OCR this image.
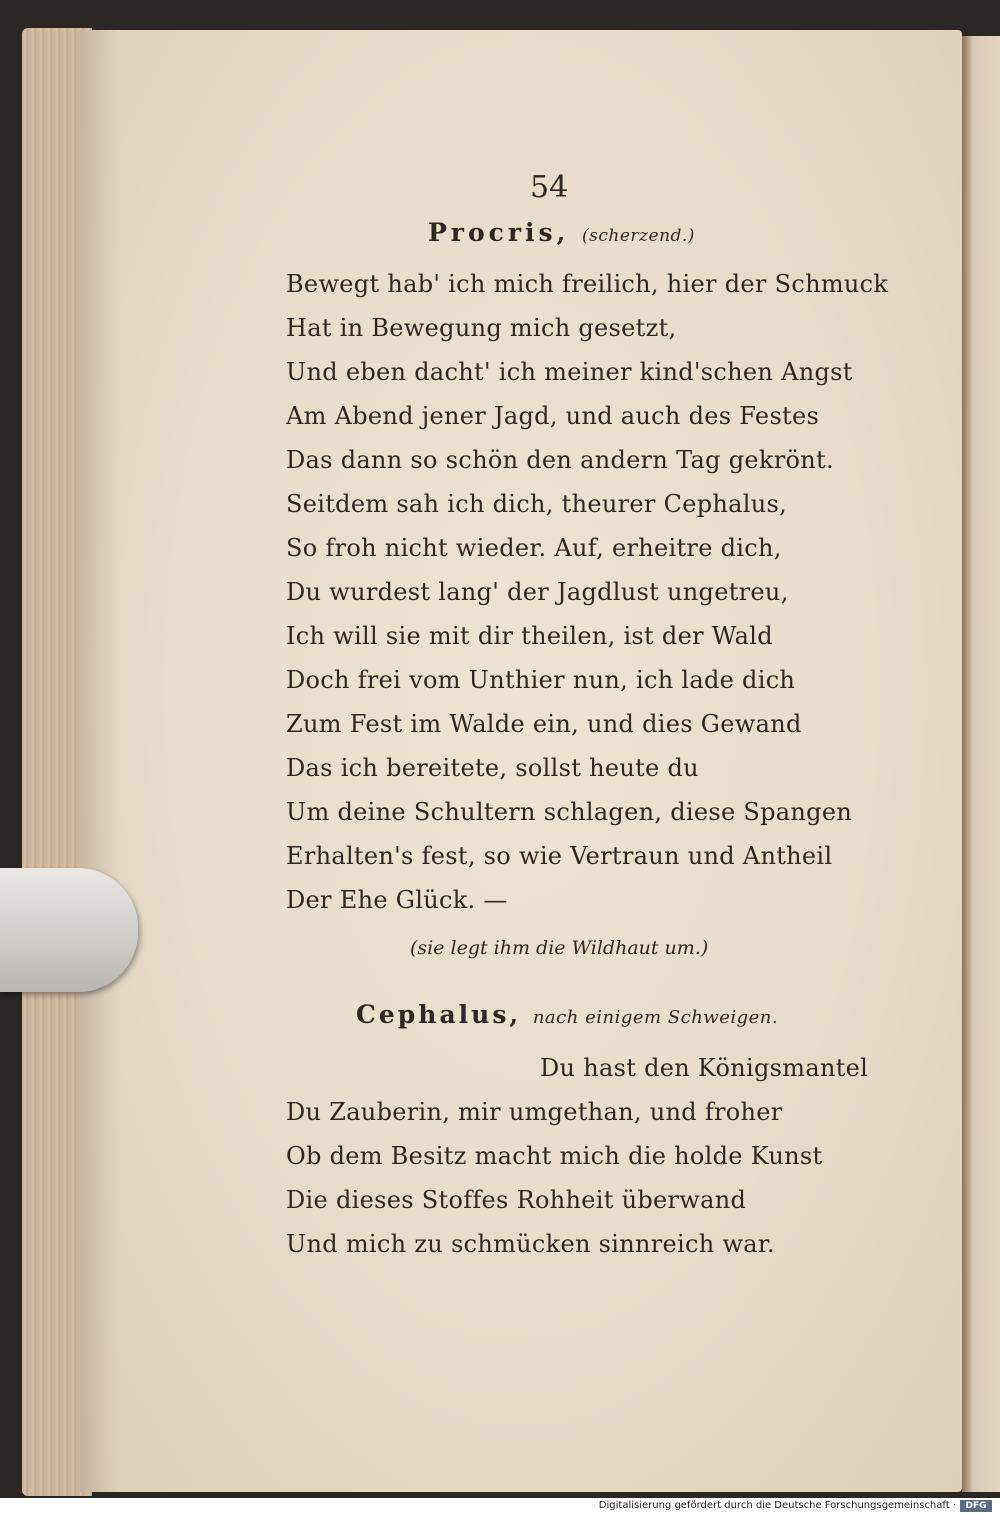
54
Procris, (scherzend.)
Bewegt hab' ich mich freilich, hier der Schmuck
Hat in Bewegung mich gesetzt,
Und eben dacht' ich meiner kind'schen Angst
Am Abend jener Jagd, und auch des Festes
Das dann so schön den andern Tag gekrönt.
Seitdem sah ich dich, theurer Cephalus,
So froh nicht wieder. Auf, erheitre dich,
Du wurdest lang' der Jagdlust ungetreu,
Ich will sie mit dir theilen, ist der Wald
Doch frei vom Unthier nun, ich lade dich
Zum Fest im Walde ein, und dies Gewand
Das ich bereitete, sollst heute du
Um deine Schultern schlagen, diese Spangen
Erhalten's fest, so wie Vertraun und Antheil
Der Ehe Glück. —
(sie legt ihm die Wildhaut um.)
Cephalus, nach einigem Schweigen.
Du hast den Königsmantel
Du Zauberin, mir umgethan, und froher
Ob dem Besitz macht mich die holde Kunst
Die dieses Stoffes Rohheit überwand
Und mich zu schmücken sinnreich war.
Digitalisierung gefördert durch die Deutsche Forschungsgemeinschaft ·	DFG
